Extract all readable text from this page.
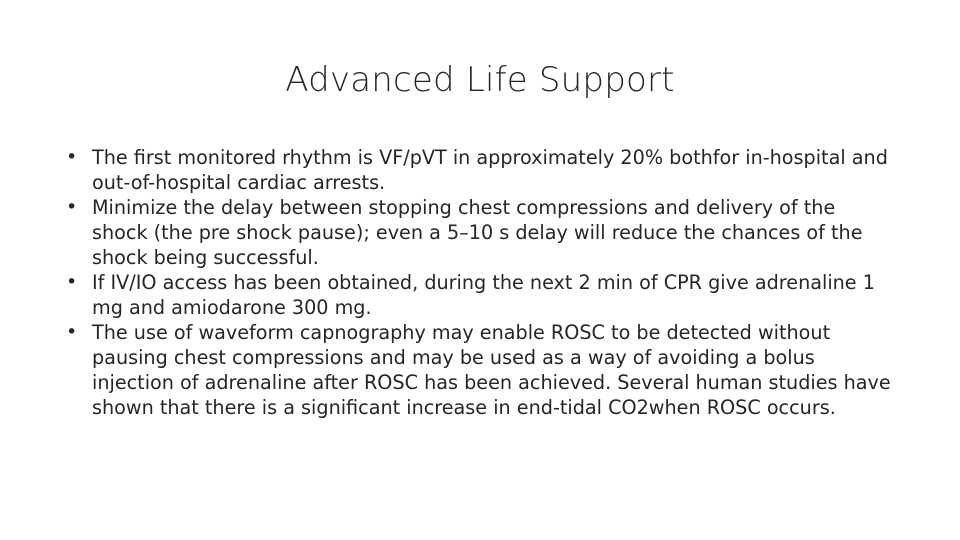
Advanced Life Support
• The first monitored rhythm is VF/pVT in approximately 20% bothfor in-hospital and out-of-hospital cardiac arrests.
• Minimize the delay between stopping chest compressions and delivery of the shock (the pre shock pause); even a 5–10 s delay will reduce the chances of the shock being successful.
• If IV/IO access has been obtained, during the next 2 min of CPR give adrenaline 1 mg and amiodarone 300 mg.
• The use of waveform capnography may enable ROSC to be detected without pausing chest compressions and may be used as a way of avoiding a bolus injection of adrenaline after ROSC has been achieved. Several human studies have shown that there is a significant increase in end-tidal CO2when ROSC occurs.
